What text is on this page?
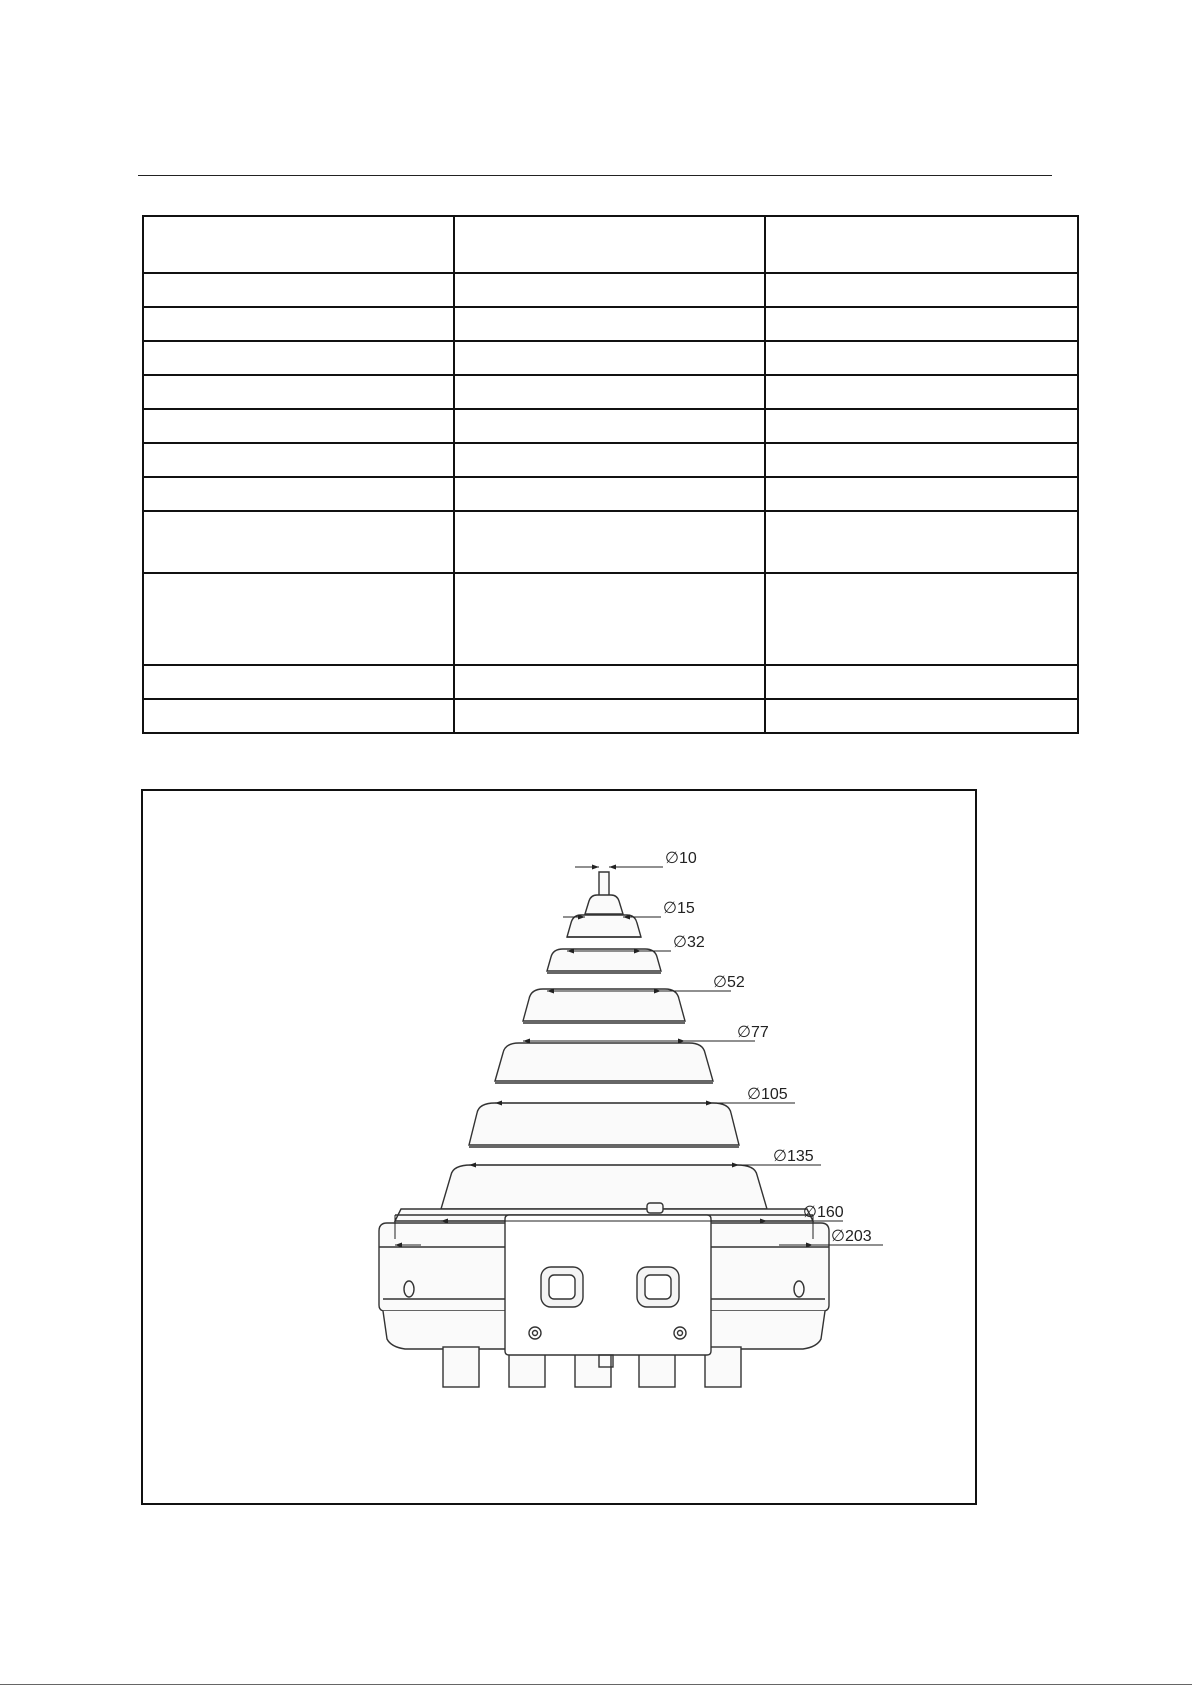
∅10
∅15
∅32
∅52
∅77
∅105
∅135
∅160
∅203
